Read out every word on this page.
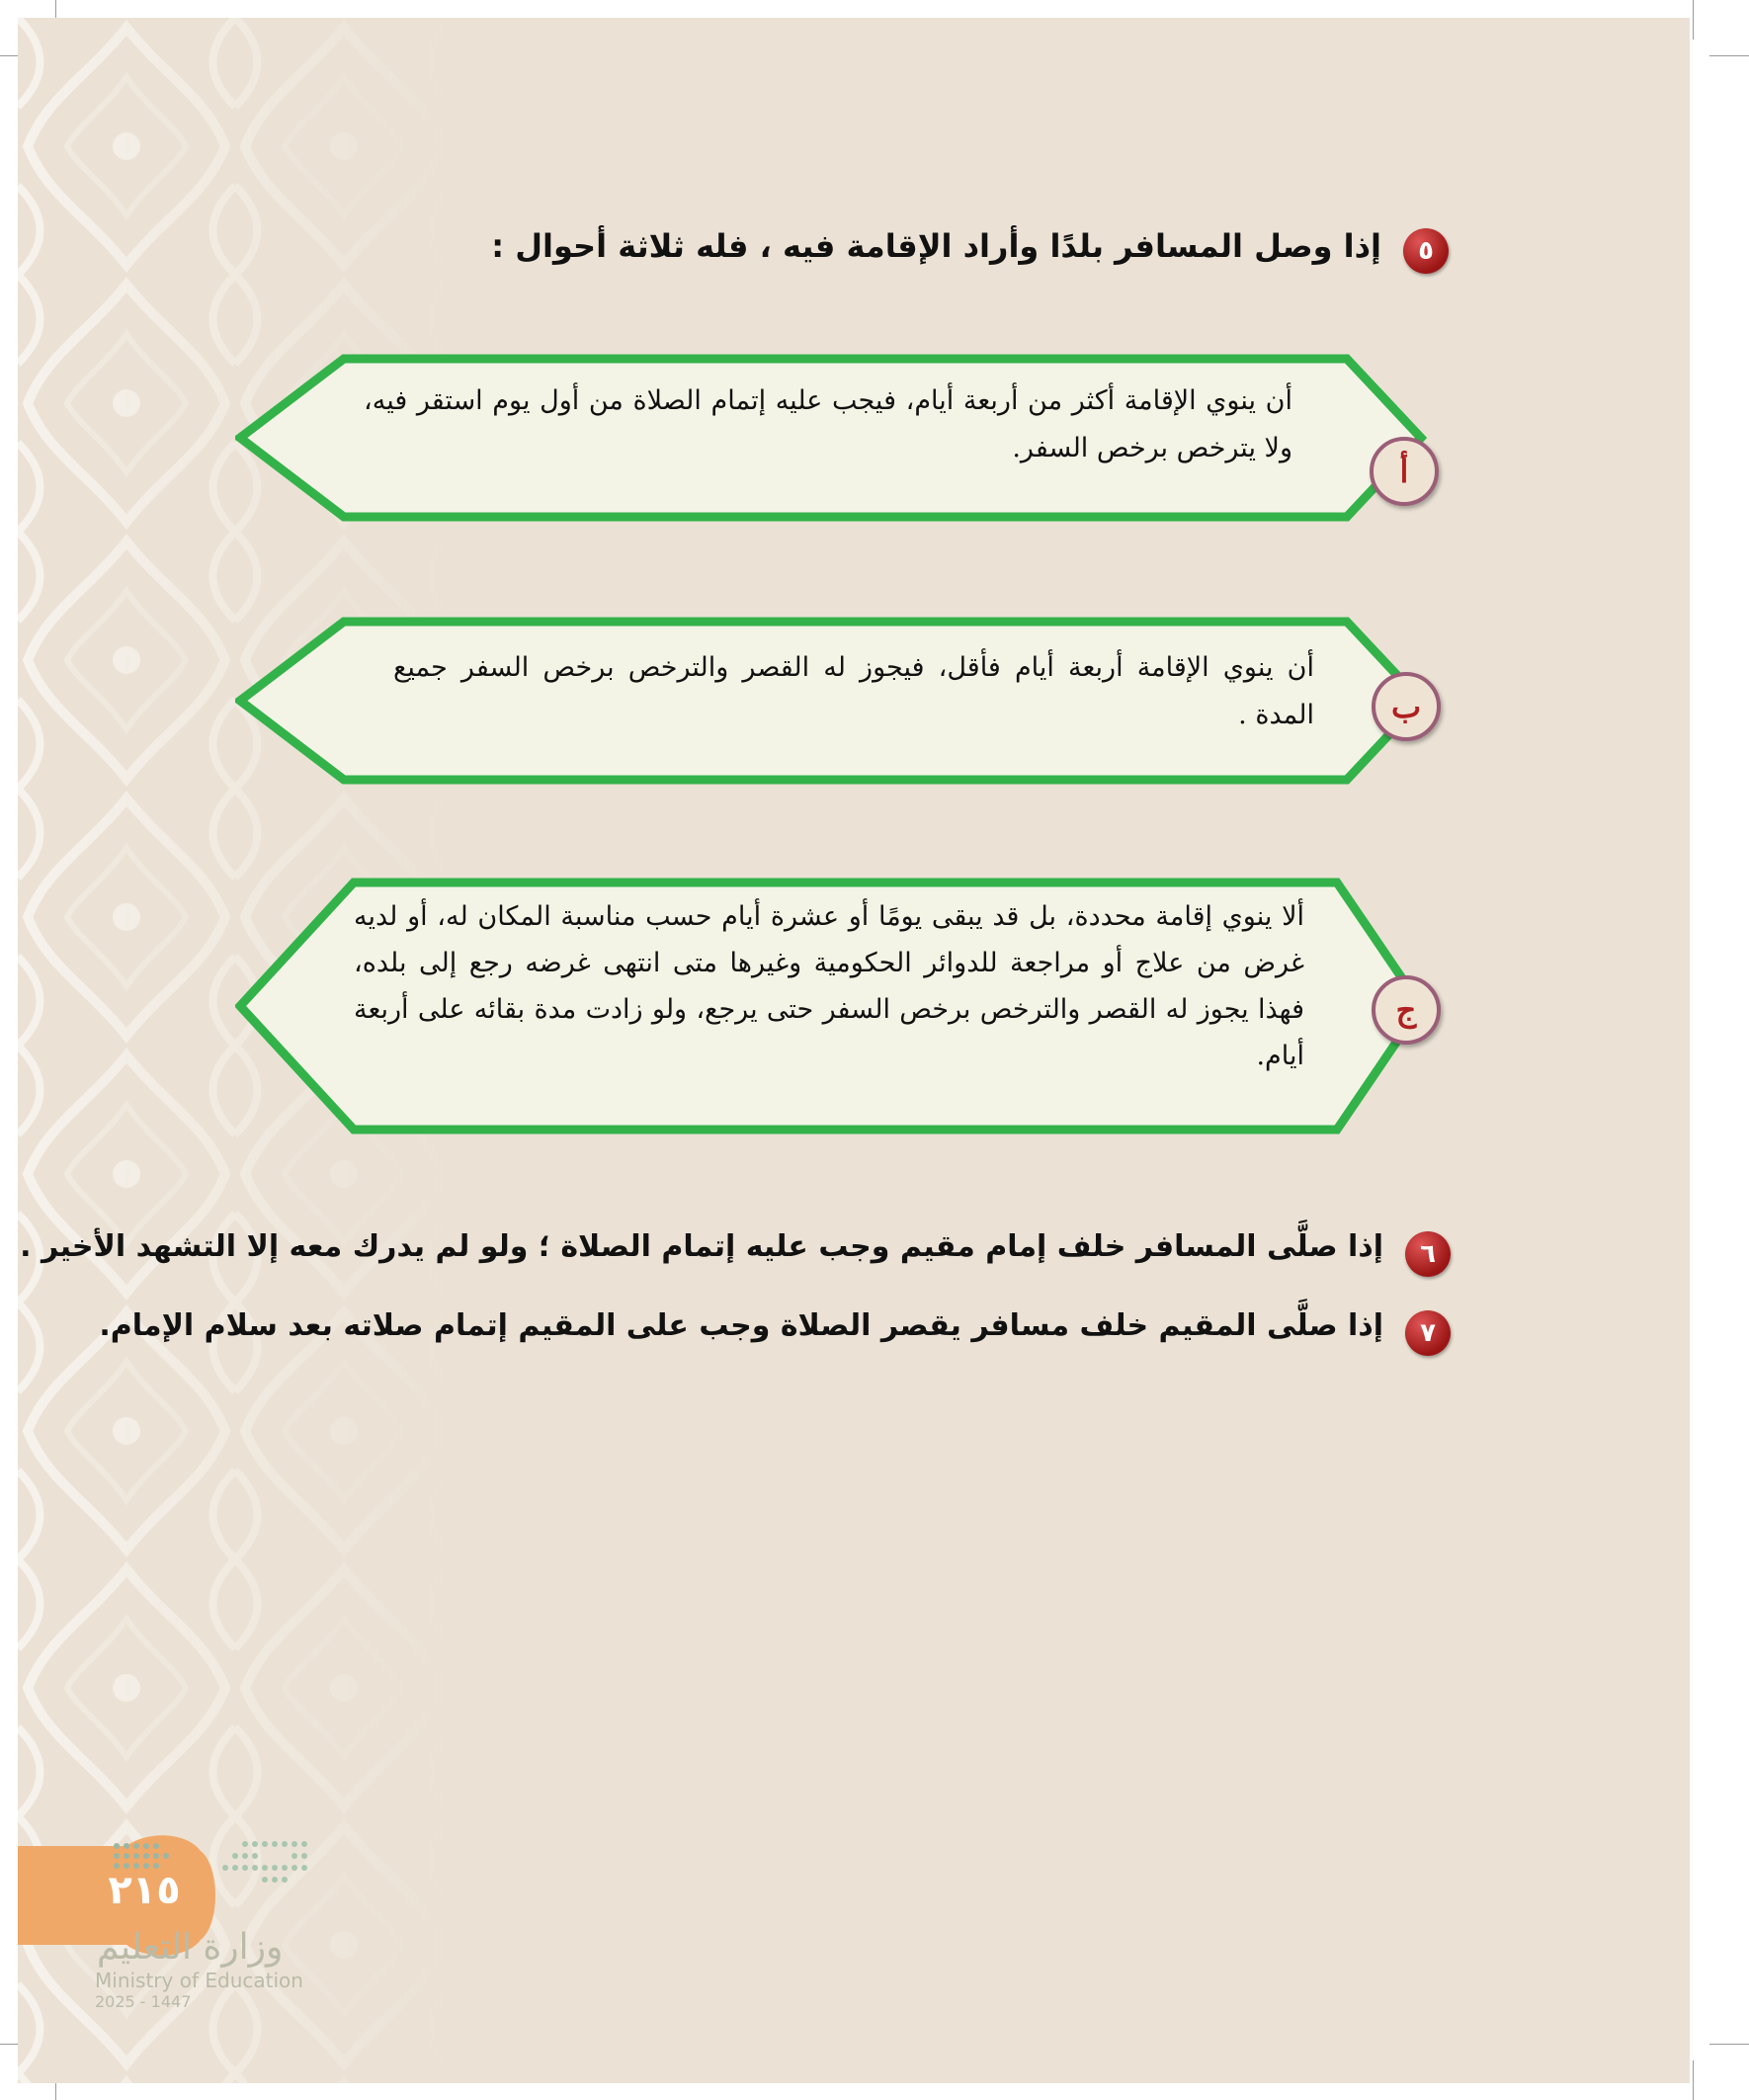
٥
إذا وصل المسافر بلدًا وأراد الإقامة فيه ، فله ثلاثة أحوال :
أن ينوي الإقامة أكثر من أربعة أيام، فيجب عليه إتمام الصلاة من أول يوم استقر فيه، ولا يترخص برخص السفر.
أ
أن ينوي الإقامة أربعة أيام فأقل، فيجوز له القصر والترخص برخص السفر جميع المدة .	ب
ألا ينوي إقامة محددة، بل قد يبقى يومًا أو عشرة أيام حسب مناسبة المكان له، أو لديه غرض من علاج أو مراجعة للدوائر الحكومية وغيرها متى انتهى غرضه رجع إلى بلده، فهذا يجوز له القصر والترخص برخص السفر حتى يرجع، ولو زادت مدة بقائه على أربعة أيام.
ج
٦
إذا صلَّى المسافر خلف إمام مقيم وجب عليه إتمام الصلاة ؛ ولو لم يدرك معه إلا التشهد الأخير .
٧
إذا صلَّى المقيم خلف مسافر يقصر الصلاة وجب على المقيم إتمام صلاته بعد سلام الإمام.
٢١٥
وزارة التعليم
Ministry of Education
2025 - 1447
